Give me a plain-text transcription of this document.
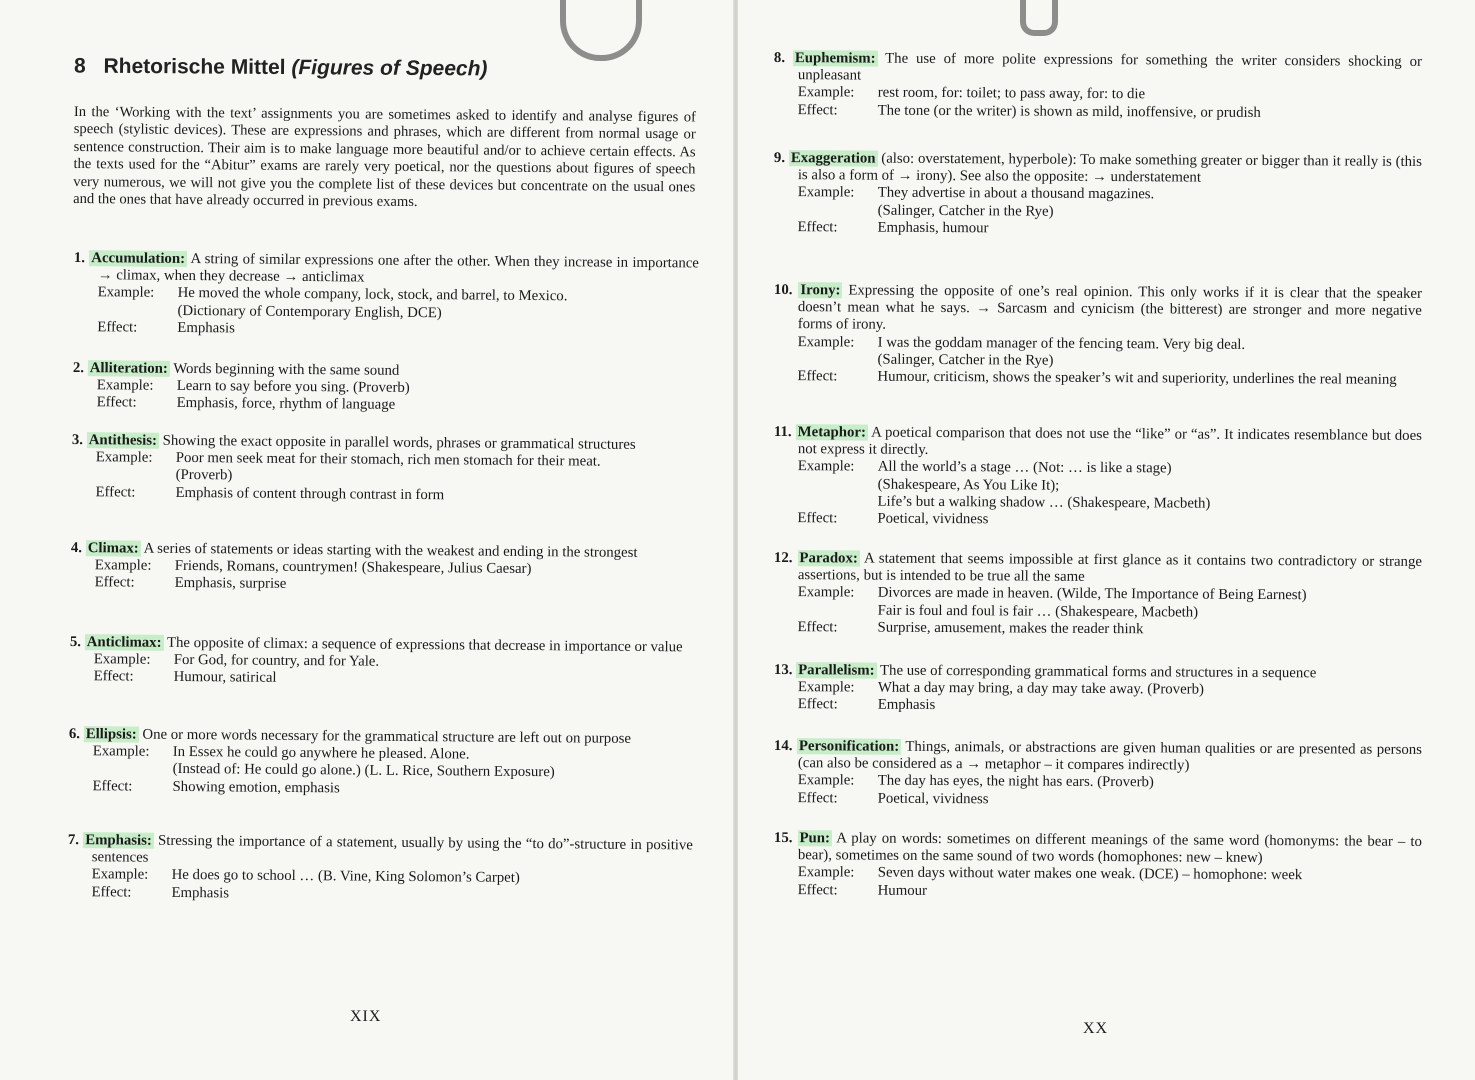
8 Rhetorische Mittel (Figures of Speech)
In the ‘Working with the text’ assignments you are sometimes asked to identify and analyse figures of speech (stylistic devices). These are expressions and phrases, which are different from normal usage or sentence construction. Their aim is to make language more beautiful and/or to achieve certain effects. As the texts used for the “Abitur” exams are rarely very poetical, nor the questions about figures of speech very numerous, we will not give you the complete list of these devices but concentrate on the usual ones and the ones that have already occurred in previous exams.
1. Accumulation: A string of similar expressions one after the other. When they increase in importance → climax, when they decrease → anticlimax
Example:	He moved the whole company, lock, stock, and barrel, to Mexico.
(Dictionary of Contemporary English, DCE)
Effect:	Emphasis
2. Alliteration: Words beginning with the same sound
Example:	Learn to say before you sing. (Proverb)
Effect:	Emphasis, force, rhythm of language
3. Antithesis: Showing the exact opposite in parallel words, phrases or grammatical structures
Example:	Poor men seek meat for their stomach, rich men stomach for their meat.
(Proverb)
Effect:	Emphasis of content through contrast in form
4. Climax: A series of statements or ideas starting with the weakest and ending in the strongest
Example:	Friends, Romans, countrymen! (Shakespeare, Julius Caesar)
Effect:	Emphasis, surprise
5. Anticlimax: The opposite of climax: a sequence of expressions that decrease in importance or value
Example:	For God, for country, and for Yale.
Effect:	Humour, satirical
6. Ellipsis: One or more words necessary for the grammatical structure are left out on purpose
Example:	In Essex he could go anywhere he pleased. Alone.
(Instead of: He could go alone.) (L. L. Rice, Southern Exposure)
Effect:	Showing emotion, emphasis
7. Emphasis: Stressing the importance of a statement, usually by using the “to do”-structure in positive sentences
Example:	He does go to school … (B. Vine, King Solomon’s Carpet)
Effect:	Emphasis
XIX
8. Euphemism: The use of more polite expressions for something the writer considers shocking or unpleasant
Example:	rest room, for: toilet; to pass away, for: to die
Effect:	The tone (or the writer) is shown as mild, inoffensive, or prudish
9. Exaggeration (also: overstatement, hyperbole): To make something greater or bigger than it really is (this is also a form of → irony). See also the opposite: → understatement
Example:	They advertise in about a thousand magazines.
(Salinger, Catcher in the Rye)
Effect:	Emphasis, humour
10. Irony: Expressing the opposite of one’s real opinion. This only works if it is clear that the speaker doesn’t mean what he says. → Sarcasm and cynicism (the bitterest) are stronger and more negative forms of irony.
Example:	I was the goddam manager of the fencing team. Very big deal.
(Salinger, Catcher in the Rye)
Effect:	Humour, criticism, shows the speaker’s wit and superiority, underlines the real meaning
11. Metaphor: A poetical comparison that does not use the “like” or “as”. It indicates resemblance but does not express it directly.
Example:	All the world’s a stage … (Not: … is like a stage)
(Shakespeare, As You Like It);
Life’s but a walking shadow … (Shakespeare, Macbeth)
Effect:	Poetical, vividness
12. Paradox: A statement that seems impossible at first glance as it contains two contradictory or strange assertions, but is intended to be true all the same
Example:	Divorces are made in heaven. (Wilde, The Importance of Being Earnest)
Fair is foul and foul is fair … (Shakespeare, Macbeth)
Effect:	Surprise, amusement, makes the reader think
13. Parallelism: The use of corresponding grammatical forms and structures in a sequence
Example:	What a day may bring, a day may take away. (Proverb)
Effect:	Emphasis
14. Personification: Things, animals, or abstractions are given human qualities or are presented as persons (can also be considered as a → metaphor – it compares indirectly)
Example:	The day has eyes, the night has ears. (Proverb)
Effect:	Poetical, vividness
15. Pun: A play on words: sometimes on different meanings of the same word (homonyms: the bear – to bear), sometimes on the same sound of two words (homophones: new – knew)
Example:	Seven days without water makes one weak. (DCE) – homophone: week
Effect:	Humour
XX
